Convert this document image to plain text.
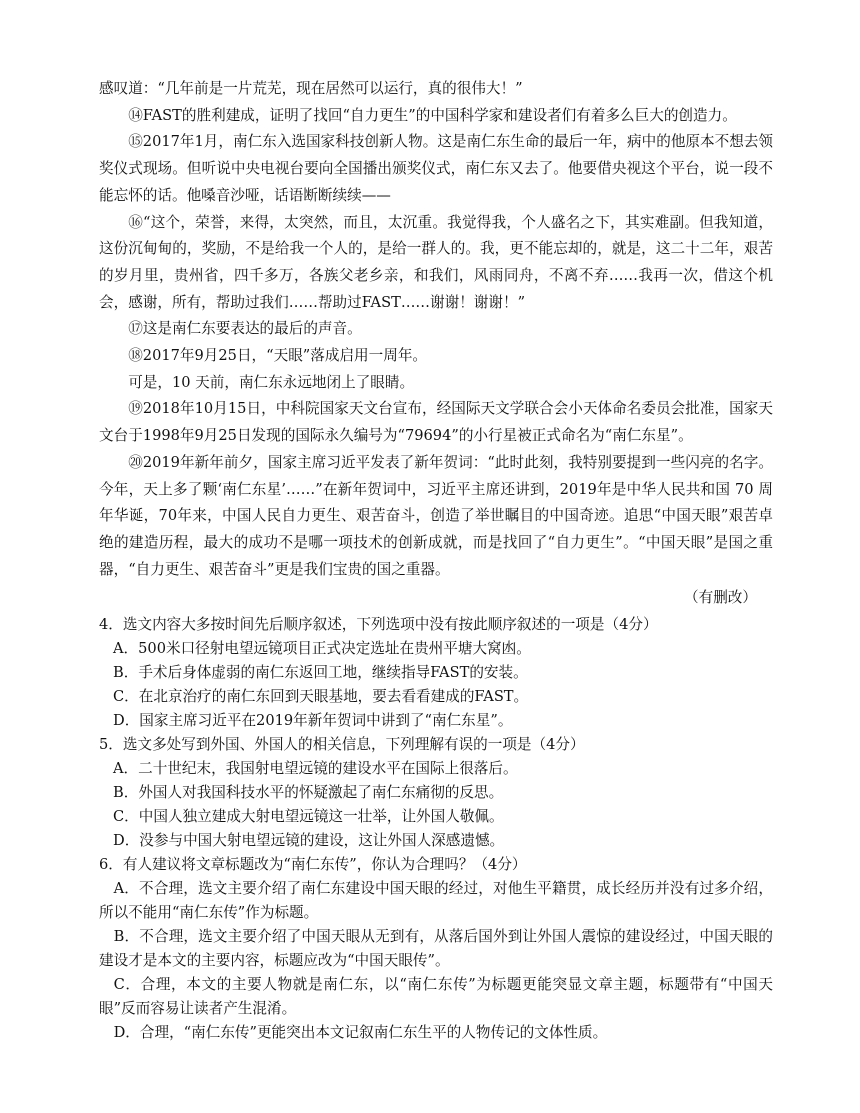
感叹道：“几年前是一片荒芜，现在居然可以运行，真的很伟大！”

⑭FAST的胜利建成，证明了找回“自力更生”的中国科学家和建设者们有着多么巨大的创造力。

⑮2017年1月，南仁东入选国家科技创新人物。这是南仁东生命的最后一年，病中的他原本不想去领奖仪式现场。但听说中央电视台要向全国播出颁奖仪式，南仁东又去了。他要借央视这个平台，说一段不能忘怀的话。他嗓音沙哑，话语断断续续——

⑯“这个，荣誉，来得，太突然，而且，太沉重。我觉得我，个人盛名之下，其实难副。但我知道，这份沉甸甸的，奖励，不是给我一个人的，是给一群人的。我，更不能忘却的，就是，这二十二年，艰苦的岁月里，贵州省，四千多万，各族父老乡亲，和我们，风雨同舟，不离不弃……我再一次，借这个机会，感谢，所有，帮助过我们……帮助过FAST……谢谢！谢谢！”

⑰这是南仁东要表达的最后的声音。

⑱2017年9月25日，“天眼”落成启用一周年。

可是，10 天前，南仁东永远地闭上了眼睛。

⑲2018年10月15日，中科院国家天文台宣布，经国际天文学联合会小天体命名委员会批准，国家天文台于1998年9月25日发现的国际永久编号为“79694”的小行星被正式命名为“南仁东星”。

⑳2019年新年前夕，国家主席习近平发表了新年贺词：“此时此刻，我特别要提到一些闪亮的名字。今年，天上多了颗‘南仁东星’……”在新年贺词中，习近平主席还讲到，2019年是中华人民共和国 70 周年华诞，70年来，中国人民自力更生、艰苦奋斗，创造了举世瞩目的中国奇迹。追思“中国天眼”艰苦卓绝的建造历程，最大的成功不是哪一项技术的创新成就，而是找回了“自力更生”。“中国天眼”是国之重器，“自力更生、艰苦奋斗”更是我们宝贵的国之重器。

（有删改）

4．选文内容大多按时间先后顺序叙述，下列选项中没有按此顺序叙述的一项是（4分）

A．500米口径射电望远镜项目正式决定选址在贵州平塘大窝凼。

B．手术后身体虚弱的南仁东返回工地，继续指导FAST的安装。

C．在北京治疗的南仁东回到天眼基地，要去看看建成的FAST。

D．国家主席习近平在2019年新年贺词中讲到了“南仁东星”。

5．选文多处写到外国、外国人的相关信息，下列理解有误的一项是（4分）

A．二十世纪末，我国射电望远镜的建设水平在国际上很落后。

B．外国人对我国科技水平的怀疑激起了南仁东痛彻的反思。

C．中国人独立建成大射电望远镜这一壮举，让外国人敬佩。

D．没参与中国大射电望远镜的建设，这让外国人深感遗憾。

6．有人建议将文章标题改为“南仁东传”，你认为合理吗？（4分）

A．不合理，选文主要介绍了南仁东建设中国天眼的经过，对他生平籍贯，成长经历并没有过多介绍，所以不能用“南仁东传”作为标题。

B．不合理，选文主要介绍了中国天眼从无到有，从落后国外到让外国人震惊的建设经过，中国天眼的建设才是本文的主要内容，标题应改为“中国天眼传”。

C．合理，本文的主要人物就是南仁东，以“南仁东传”为标题更能突显文章主题，标题带有“中国天眼”反而容易让读者产生混淆。

D．合理，“南仁东传”更能突出本文记叙南仁东生平的人物传记的文体性质。
